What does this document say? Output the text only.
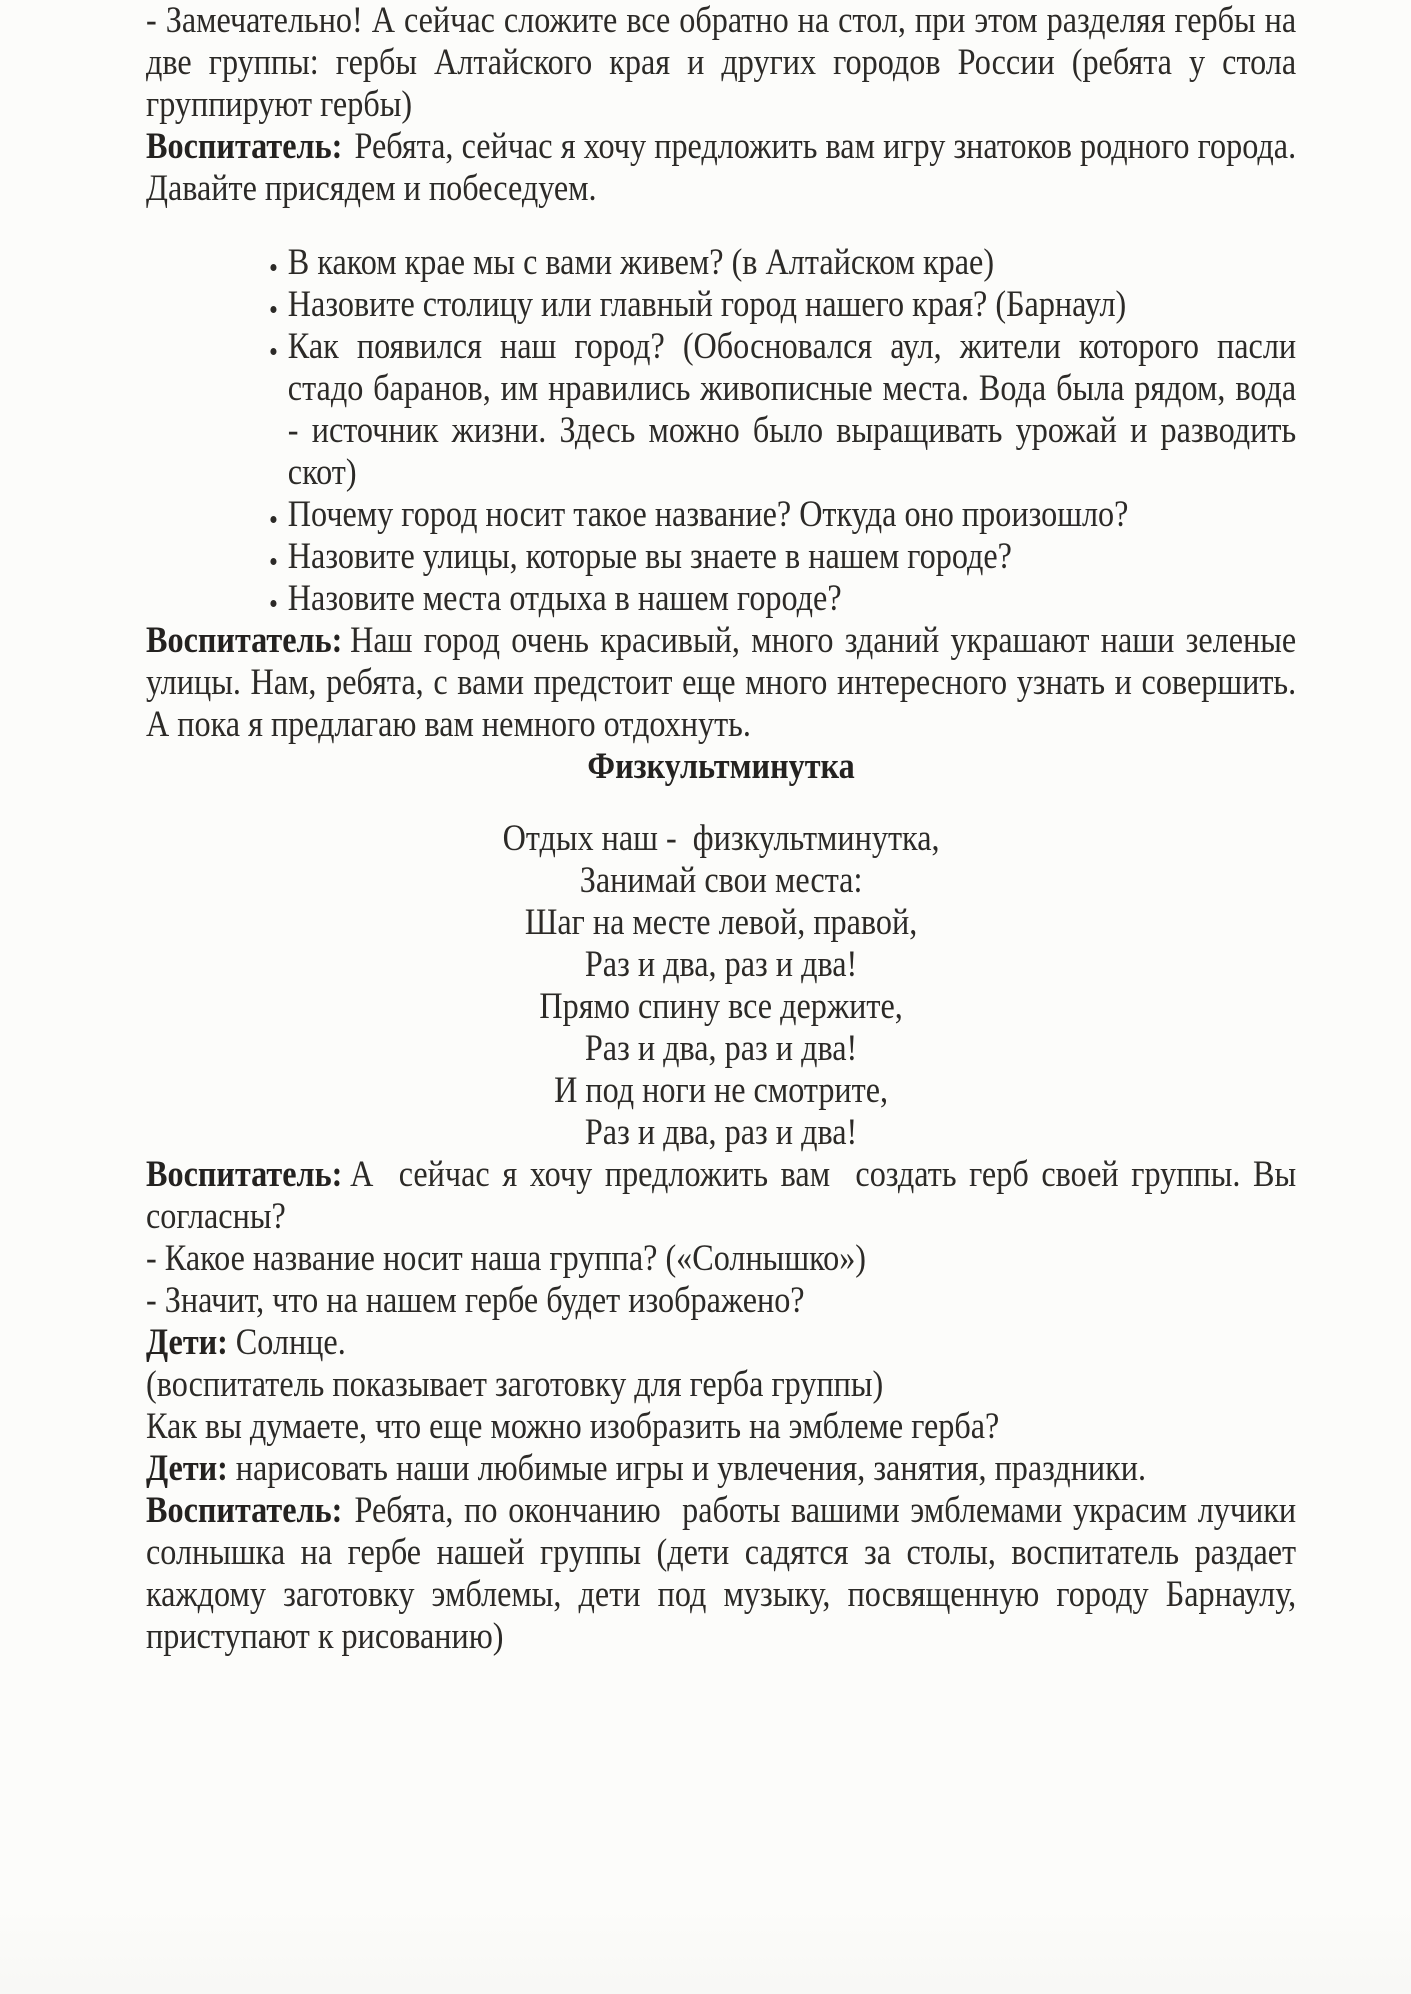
- Замечательно! А сейчас сложите все обратно на стол, при этом разделяя гербы на две группы: гербы Алтайского края и других городов России (ребята у стола группируют гербы)

Воспитатель: Ребята, сейчас я хочу предложить вам игру знатоков родного города. Давайте присядем и побеседуем.

• В каком крае мы с вами живем? (в Алтайском крае)
• Назовите столицу или главный город нашего края? (Барнаул)
• Как появился наш город? (Обосновался аул, жители которого пасли стадо баранов, им нравились живописные места. Вода была рядом, вода - источник жизни. Здесь можно было выращивать урожай и разводить скот)
• Почему город носит такое название? Откуда оно произошло?
• Назовите улицы, которые вы знаете в нашем городе?
• Назовите места отдыха в нашем городе?

Воспитатель: Наш город очень красивый, много зданий украшают наши зеленые улицы. Нам, ребята, с вами предстоит еще много интересного узнать и совершить. А пока я предлагаю вам немного отдохнуть.

Физкультминутка

Отдых наш -  физкультминутка,
Занимай свои места:
Шаг на месте левой, правой,
Раз и два, раз и два!
Прямо спину все держите,
Раз и два, раз и два!
И под ноги не смотрите,
Раз и два, раз и два!

Воспитатель: А  сейчас я хочу предложить вам  создать герб своей группы. Вы согласны?

- Какое название носит наша группа? («Солнышко»)

- Значит, что на нашем гербе будет изображено?

Дети: Солнце.

(воспитатель показывает заготовку для герба группы)

Как вы думаете, что еще можно изобразить на эмблеме герба?

Дети: нарисовать наши любимые игры и увлечения, занятия, праздники.

Воспитатель: Ребята, по окончанию  работы вашими эмблемами украсим лучики солнышка на гербе нашей группы (дети садятся за столы, воспитатель раздает каждому заготовку эмблемы, дети под музыку, посвященную городу Барнаулу, приступают к рисованию)
